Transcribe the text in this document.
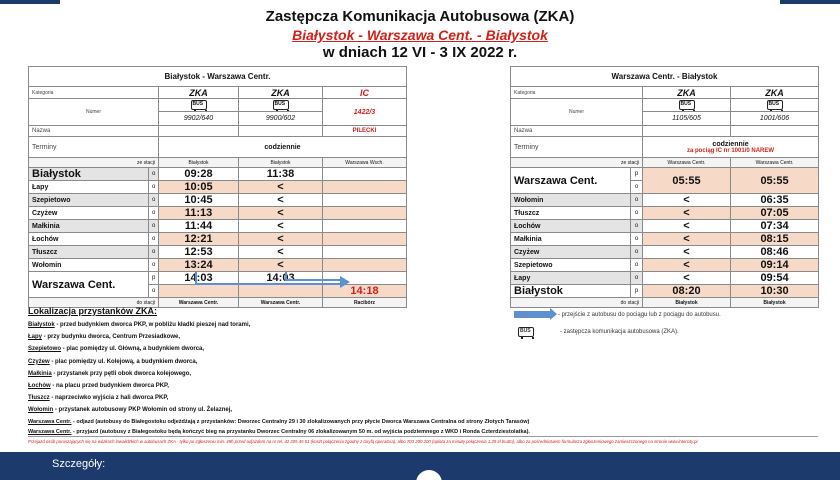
Zastępcza Komunikacja Autobusowa (ZKA)
Białystok - Warszawa Cent. - Białystok
w dniach 12 VI - 3 IX 2022 r.
Białystok - Warszawa Centr.				
Kategoria		ZKA	ZKA	IC
Numer		BUS	BUS	1422/3
		9902/640	9900/602	
Nazwa				PILECKI
Terminy		codziennie		
ze stacji		Białystok	Białystok	Warszawa Wsch.
Białystok	o	09:28	11:38	
Łapy	o	10:05	<	
Szepietowo	o	10:45	<	
Czyżew	o	11:13	<	
Małkinia	o	11:44	<	
Łochów	o	12:21	<	
Tłuszcz	o	12:53	<	
Wołomin	o	13:24	<	
Warszawa Cent.	p	14:03	14:03	
	o			14:18
do stacji		Warszawa Centr.	Warszawa Centr.	Racibórz
Warszawa Centr. - Białystok			
Kategoria		ZKA	ZKA
Numer		BUS	BUS

		1105/605	1001/606
Nazwa			
Terminy		codziennie
za pociąg IC nr 1001/0 NAREW	

ze stacji		Warszawa Centr.	Warszawa Centr.
Warszawa Cent.	p	05:55	05:55
	o		
Wołomin	o	<	06:35
Tłuszcz	o	<	07:05
Łochów	o	<	07:34
Małkinia	o	<	08:15
Czyżew	o	<	08:46
Szepietowo	o	<	09:14
Łapy	o	<	09:54
Białystok	p	08:20	10:30
do stacji		Białystok	Białystok
Lokalizacja przystanków ZKA:
Białystok - przed budynkiem dworca PKP, w pobliżu kładki pieszej nad torami,
Łapy - przy budynku dworca, Centrum Przesiadkowe,
Szepietowo - plac pomiędzy ul. Główną, a budynkiem dworca,
Czyżew - plac pomiędzy ul. Kolejową, a budynkiem dworca,
Małkinia - przystanek przy pętli obok dworca kolejowego,
Łochów - na placu przed budynkiem dworca PKP,
Tłuszcz - naprzeciwko wyjścia z hali dworca PKP,
Wołomin - przystanek autobusowy PKP Wołomin od strony ul. Żelaznej,
- przejście z autobusu do pociągu lub z pociągu do autobusu.
BUS	- zastępcza komunikacja autobusowa (ZKA).
Warszawa Centr. - odjazd (autobusy do Białegostoku odjeżdżają z przystanków: Dworzec Centralny 29 i 30 zlokalizowanych przy płycie Dworca Warszawa Centralna od strony Złotych Tarasów)
Warszawa Centr. - przyjazd (autobusy z Białegostoku będą kończyć bieg na przystanku Dworzec Centralny 06 zlokalizowanym 50 m. od wyjścia podziemnego z WKD i Ronda Czterdziestolatka).
Przejazd osób poruszających się na wózkach inwalidzkich w autobusach ZKA - tylko po zgłoszeniu min. 48h przed odjazdem na nr tel. 42 205 45 51 (koszt połączenia zgodny z taryfą operatora), albo 703 200 200 (opłata za minutę połączenia 1,29 zł brutto), albo za pośrednictwem formularza zgłoszeniowego zamieszczonego na stronie www.intercity.pl.
Szczegóły:
